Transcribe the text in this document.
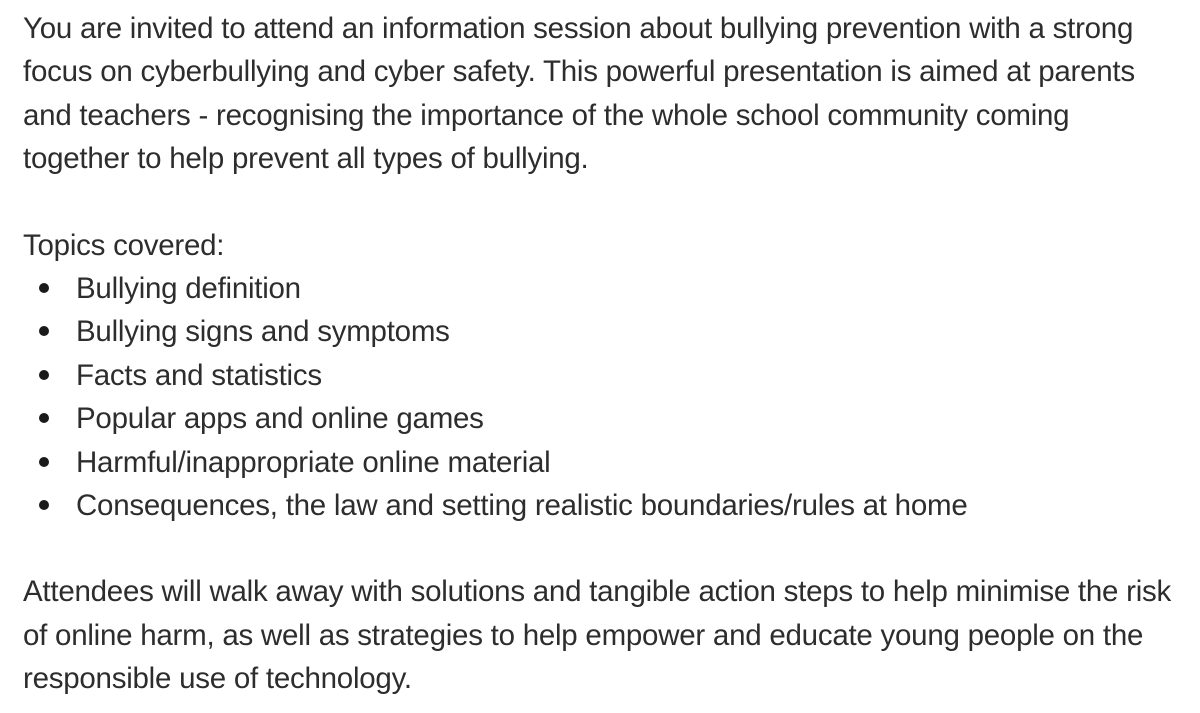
You are invited to attend an information session about bullying prevention with a strong focus on cyberbullying and cyber safety. This powerful presentation is aimed at parents and teachers - recognising the importance of the whole school community coming together to help prevent all types of bullying.

Topics covered:

Bullying definition
Bullying signs and symptoms
Facts and statistics
Popular apps and online games
Harmful/inappropriate online material
Consequences, the law and setting realistic boundaries/rules at home

Attendees will walk away with solutions and tangible action steps to help minimise the risk of online harm, as well as strategies to help empower and educate young people on the responsible use of technology.
